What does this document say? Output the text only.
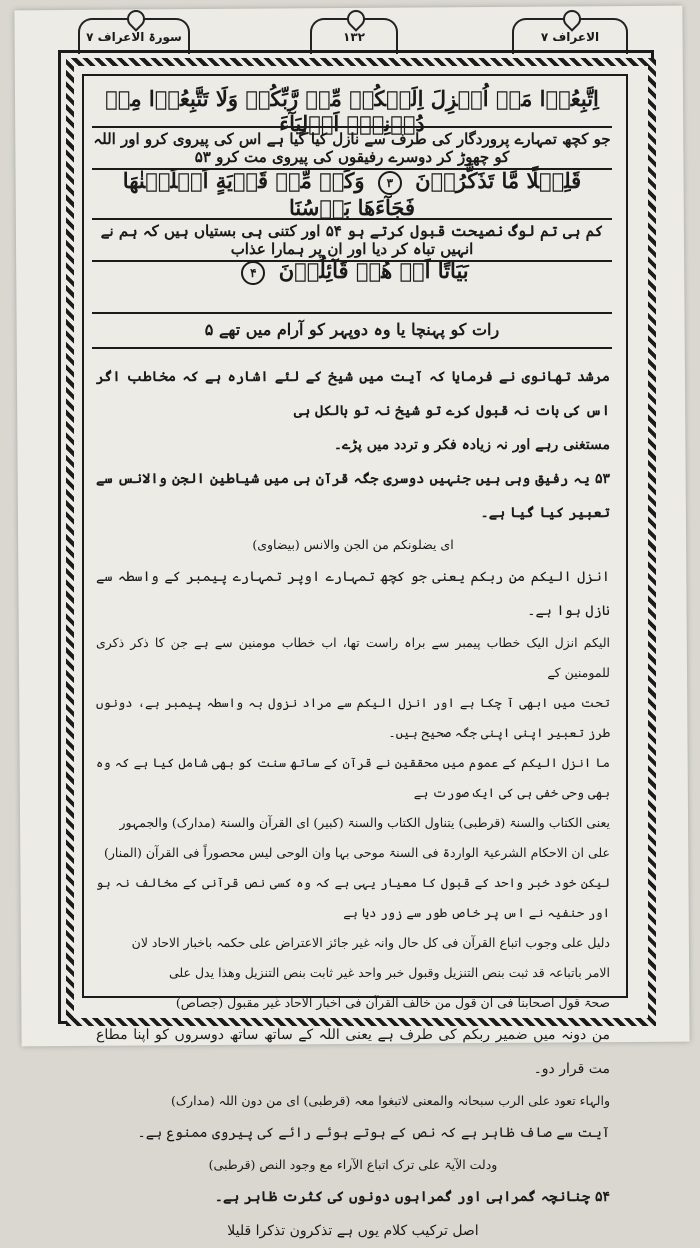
سورۃ الاعراف ۷	۱۳۲	الاعراف ۷
اِتَّبِعُوۡا مَاۤ اُنۡزِلَ اِلَيۡكُمۡ مِّنۡ رَّبِّكُمۡ وَلَا تَتَّبِعُوۡا مِنۡ دُوۡنِهٖۤ اَوۡلِيَآءَ
جو کچھ تمہارے پروردگار کی طرف سے نازل کیا گیا ہے اس کی پیروی کرو اور اللہ کو چھوڑ کر دوسرے رفیقوں کی پیروی مت کرو ۵۳
قَلِيۡلًا مَّا تَذَكَّرُوۡنَ ۳ وَكَمۡ مِّنۡ قَرۡيَةٍ اَهۡلَكۡنٰهَا فَجَآءَهَا بَاۡسُنَا
کم ہی تم لوگ نصیحت قبول کرتے ہو ۵۴ اور کتنی ہی بستیاں ہیں کہ ہم نے انہیں تباہ کر دیا اور ان پر ہمارا عذاب
بَيَاتًا اَوۡ هُمۡ قَآئِلُوۡنَ ۴
رات کو پہنچا یا وہ دوپہر کو آرام میں تھے ۵

مرشد تھانوی نے فرمایا کہ آیت میں شیخ کے لئے اشارہ ہے کہ مخاطب اگر اس کی بات نہ قبول کرے تو شیخ نہ تو بالکل ہی

مستغنی رہے اور نہ زیادہ فکر و تردد میں پڑے۔

۵۳ یہ رفیق وہی ہیں جنہیں دوسری جگہ قرآن ہی میں شیاطین الجن والانس سے تعبیر کیا گیا ہے۔

ای یضلونکم من الجن والانس (بیضاوی)

انزل الیکم من ربکم یعنی جو کچھ تمہارے اوپر تمہارے پیمبر کے واسطہ سے نازل ہوا ہے۔

الیکم انزل الیک خطاب پیمبر سے براہ راست تھا، اب خطاب مومنین سے ہے جن کا ذکر ذکری للمومنین کے

تحت میں ابھی آ چکا ہے اور انزل الیکم سے مراد نزول بہ واسطہ پیمبر ہے، دونوں طرز تعبیر اپنی اپنی جگہ صحیح ہیں۔

ما انزل الیکم کے عموم میں محققین نے قرآن کے ساتھ سنت کو بھی شامل کیا ہے کہ وہ بھی وحی خفی ہی کی ایک صورت ہے

یعنی الکتاب والسنۃ (قرطبی) یتناول الکتاب والسنۃ (کبیر) ای القرآن والسنۃ (مدارک) والجمہور

علی ان الاحکام الشرعیۃ الواردۃ فی السنۃ موحی بہا وان الوحی لیس محصوراً فی القرآن (المنار)

لیکن خود خبر واحد کے قبول کا معیار یہی ہے کہ وہ کسی نص قرآنی کے مخالف نہ ہو اور حنفیہ نے اس پر خاص طور سے زور دیا ہے

دلیل علی وجوب اتباع القرآن فی کل حال وانہ غیر جائز الاعتراض علی حکمہ باخبار الاحاد لان

الامر باتباعہ قد ثبت بنص التنزیل وقبول خبر واحد غیر ثابت بنص التنزیل وھذا یدل علی

صحۃ قول اصحابنا فی ان قول من خالف القرآن فی اخبار الاحاد غیر مقبول (جصاص)

من دونہ میں ضمیر ربکم کی طرف ہے یعنی اللہ کے ساتھ ساتھ دوسروں کو اپنا مطاع مت قرار دو۔

والہاء تعود علی الرب سبحانہ والمعنی لاتبغوا معہ (قرطبی) ای من دون اللہ (مدارک)

آیت سے صاف ظاہر ہے کہ نص کے ہوتے ہوئے رائے کی پیروی ممنوع ہے۔

ودلت الآیۃ علی ترک اتباع الآراء مع وجود النص (قرطبی)

۵۴ چنانچہ گمراہی اور گمراہوں دونوں کی کثرت ظاہر ہے۔

اصل ترکیب کلام یوں ہے تذکرون تذکرا قلیلا
